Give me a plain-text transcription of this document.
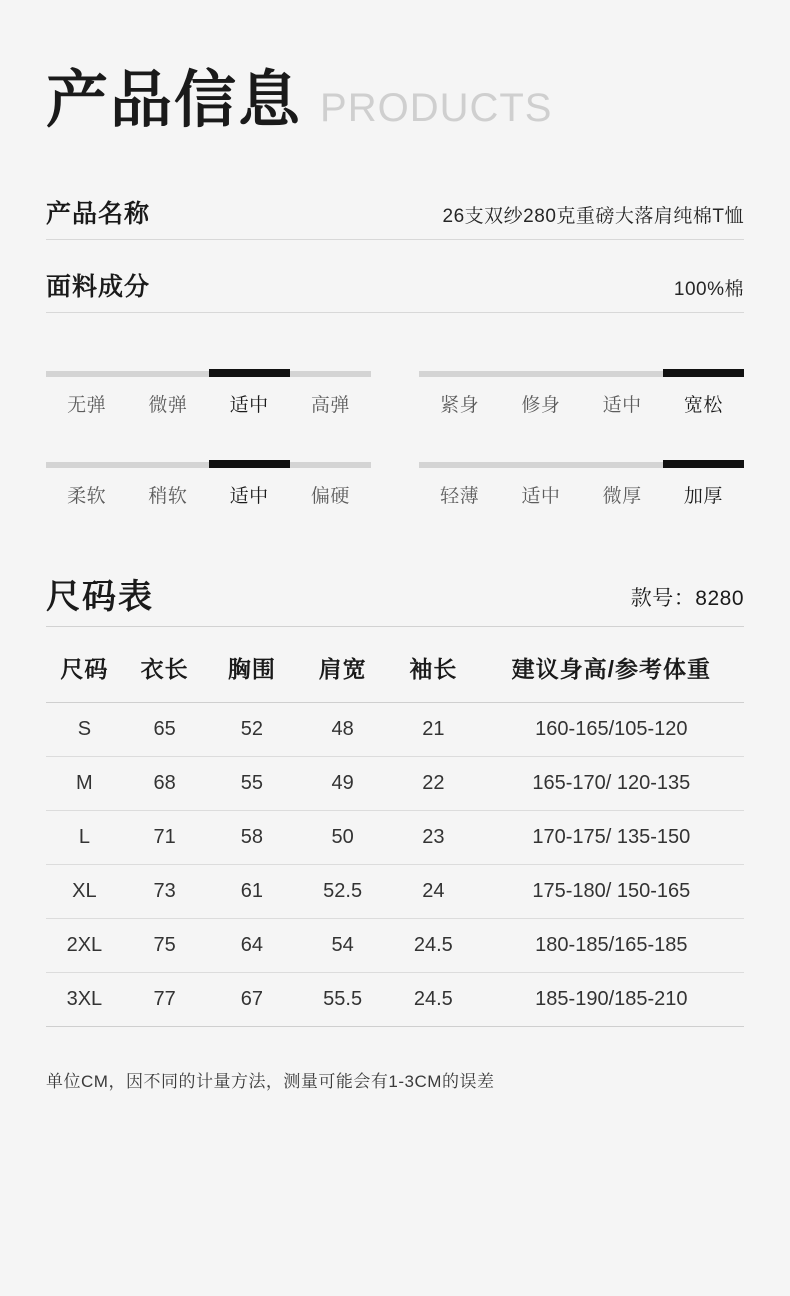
产品信息 PRODUCTS
产品名称	26支双纱280克重磅大落肩纯棉T恤
面料成分	100%棉
无弹	微弹	适中	高弹	紧身	修身	适中	宽松
柔软	稍软	适中	偏硬	轻薄	适中	微厚	加厚
尺码表	款号：8280
尺码	衣长	胸围	肩宽	袖长	建议身高/参考体重
S	65	52	48	21	160-165/105-120
M	68	55	49	22	165-170/ 120-135
L	71	58	50	23	170-175/ 135-150
XL	73	61	52.5	24	175-180/ 150-165
2XL	75	64	54	24.5	180-185/165-185
3XL	77	67	55.5	24.5	185-190/185-210
单位CM，因不同的计量方法，测量可能会有1-3CM的误差
